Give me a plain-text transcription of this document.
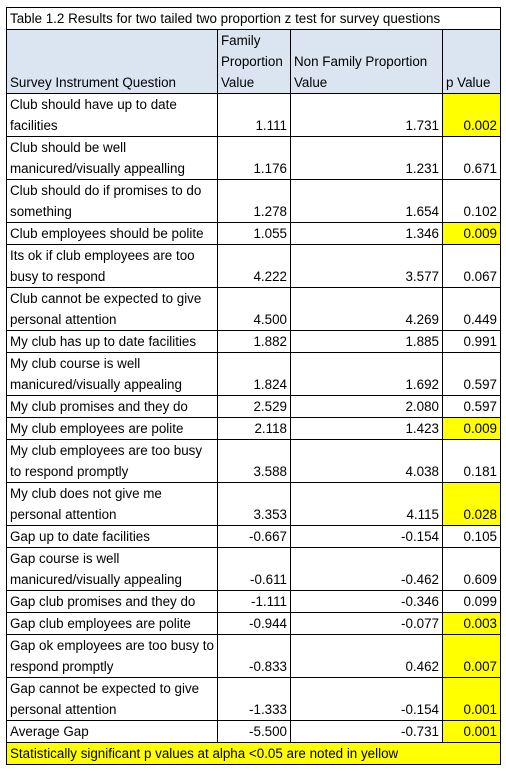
Table 1.2 Results for two tailed two proportion z test for survey questions			
Survey Instrument Question	Family Proportion Value	Non Family Proportion Value	p Value
Club should have up to date facilities	1.111	1.731	0.002
Club should be well manicured/visually appealling	1.176	1.231	0.671
Club should do if promises to do something	1.278	1.654	0.102
Club employees should be polite	1.055	1.346	0.009
Its ok if club employees are too busy to respond	4.222	3.577	0.067
Club cannot be expected to give personal attention	4.500	4.269	0.449
My club has up to date facilities	1.882	1.885	0.991
My club course is well manicured/visually appealing	1.824	1.692	0.597
My club promises and they do	2.529	2.080	0.597
My club employees are polite	2.118	1.423	0.009
My club employees are too busy to respond promptly	3.588	4.038	0.181
My club does not give me personal attention	3.353	4.115	0.028
Gap up to date facilities	-0.667	-0.154	0.105
Gap course is well manicured/visually appealing	-0.611	-0.462	0.609
Gap club promises and they do	-1.111	-0.346	0.099
Gap club employees are polite	-0.944	-0.077	0.003
Gap ok employees are too busy to respond promptly	-0.833	0.462	0.007
Gap cannot be expected to give personal attention	-1.333	-0.154	0.001
Average Gap	-5.500	-0.731	0.001
Statistically significant p values at alpha <0.05 are noted in yellow			
